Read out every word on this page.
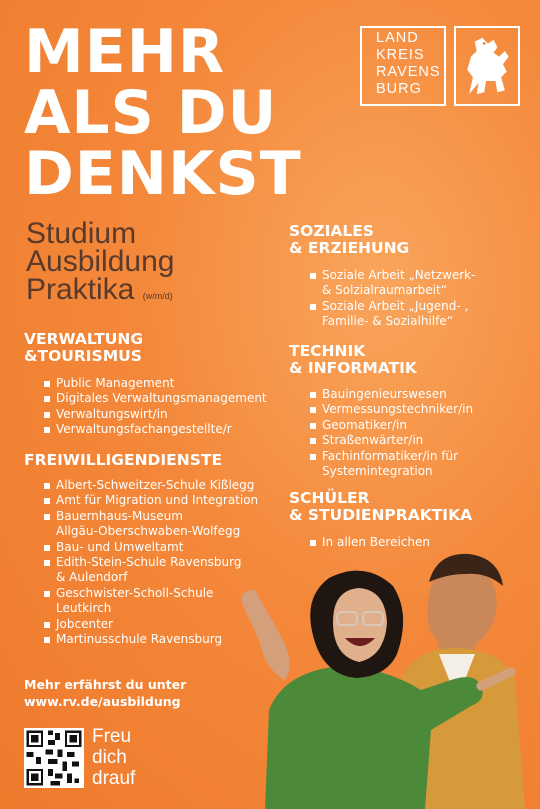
MEHR
ALS DU
DENKST
LAND
KREIS
RAVENS
BURG
Studium
Ausbildung
Praktika (w/m/d)
VERWALTUNG
&TOURISMUS
Public Management
Digitales Verwaltungsmanagement
Verwaltungswirt/in
Verwaltungsfachangestellte/r
FREIWILLIGENDIENSTE
Albert-Schweitzer-Schule Kißlegg
Amt für Migration und Integration
Bauernhaus-Museum
Allgäu-Oberschwaben-Wolfegg
Bau- und Umweltamt
Edith-Stein-Schule Ravensburg
& Aulendorf
Geschwister-Scholl-Schule
Leutkirch
Jobcenter
Martinusschule Ravensburg
SOZIALES
& ERZIEHUNG
Soziale Arbeit „Netzwerk-
& Solzialraumarbeit“
Soziale Arbeit „Jugend- ,
Familie- & Sozialhilfe“
TECHNIK
& INFORMATIK
Bauingenieurswesen
Vermessungstechniker/in
Geomatiker/in
Straßenwärter/in
Fachinformatiker/in für
Systemintegration
SCHÜLER
& STUDIENPRAKTIKA
In allen Bereichen
Mehr erfährst du unter
www.rv.de/ausbildung
Freu
dich
drauf
